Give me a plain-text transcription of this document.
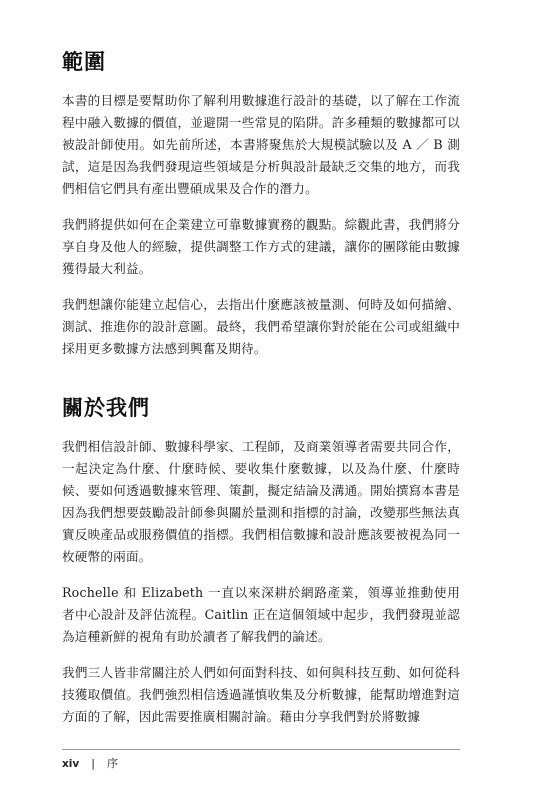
範圍

本書的目標是要幫助你了解利用數據進行設計的基礎，以了解在工作流程中融入數據的價值，並避開一些常見的陷阱。許多種類的數據都可以被設計師使用。如先前所述，本書將聚焦於大規模試驗以及 A ／ B 測試，這是因為我們發現這些領域是分析與設計最缺乏交集的地方，而我們相信它們具有產出豐碩成果及合作的潛力。

我們將提供如何在企業建立可靠數據實務的觀點。綜觀此書，我們將分享自身及他人的經驗，提供調整工作方式的建議，讓你的團隊能由數據獲得最大利益。

我們想讓你能建立起信心，去指出什麼應該被量測、何時及如何描繪、測試、推進你的設計意圖。最終，我們希望讓你對於能在公司或組織中採用更多數據方法感到興奮及期待。

關於我們

我們相信設計師、數據科學家、工程師，及商業領導者需要共同合作，一起決定為什麼、什麼時候、要收集什麼數據，以及為什麼、什麼時候、要如何透過數據來管理、策劃，擬定結論及溝通。開始撰寫本書是因為我們想要鼓勵設計師參與關於量測和指標的討論，改變那些無法真實反映產品或服務價值的指標。我們相信數據和設計應該要被視為同一枚硬幣的兩面。

Rochelle 和 Elizabeth 一直以來深耕於網路產業，領導並推動使用者中心設計及評估流程。Caitlin 正在這個領域中起步，我們發現並認為這種新鮮的視角有助於讀者了解我們的論述。

我們三人皆非常關注於人們如何面對科技、如何與科技互動、如何從科技獲取價值。我們強烈相信透過謹慎收集及分析數據，能幫助增進對這方面的了解，因此需要推廣相關討論。藉由分享我們對於將數據

xiv | 序
